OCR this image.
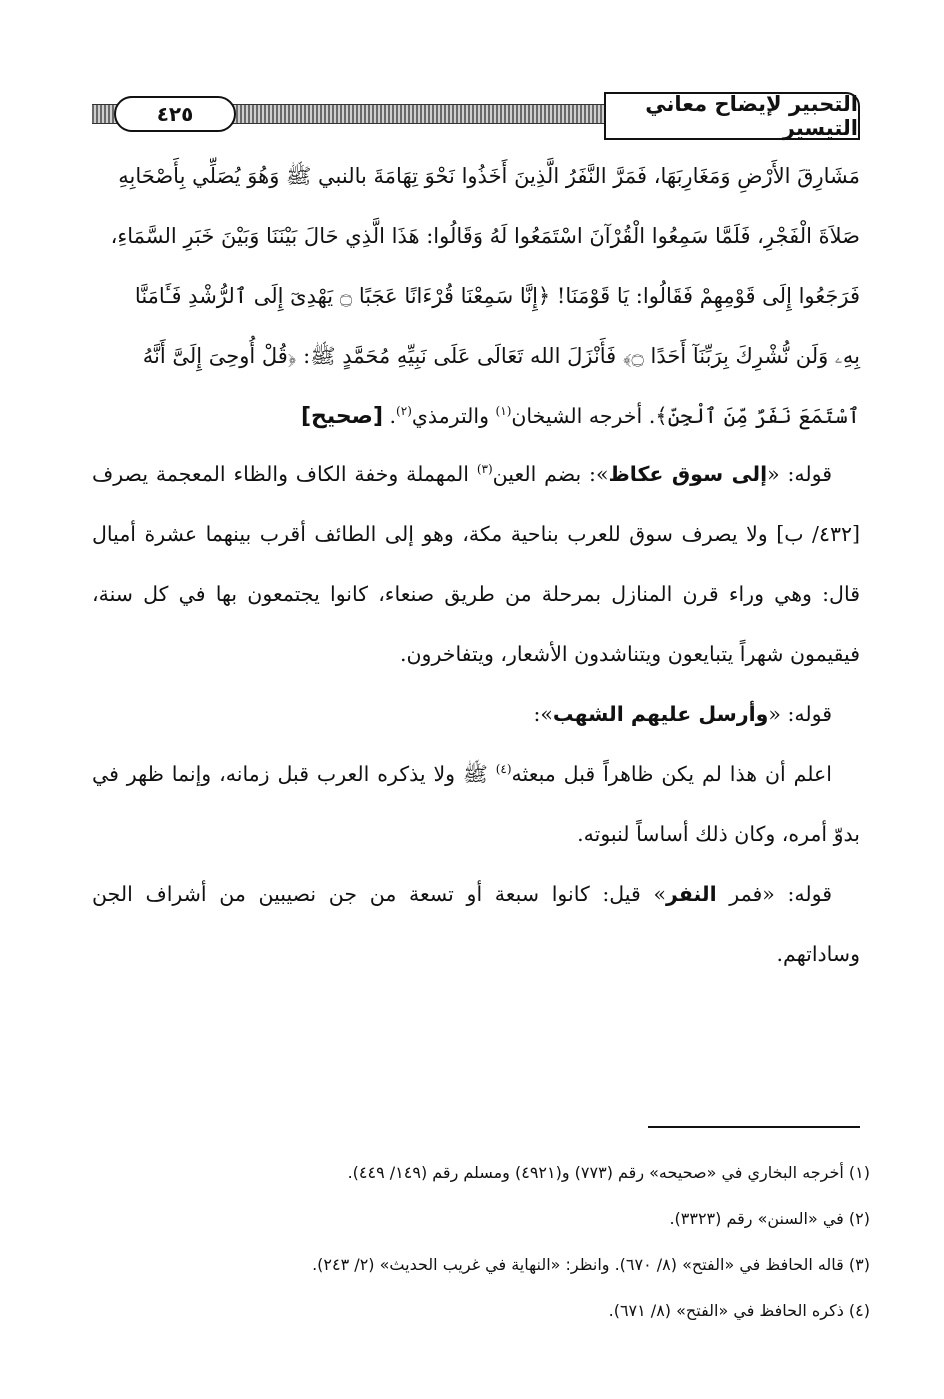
٤٢٥	التحبير لإيضاح معاني التيسير

مَشَارِقَ الأَرْضِ وَمَغَارِبَهَا، فَمَرَّ النَّفَرُ الَّذِينَ أَخَذُوا نَحْوَ تِهَامَةَ بالنبي ﷺ وَهُوَ يُصَلِّي بِأَصْحَابِهِ

صَلاَةَ الْفَجْرِ، فَلَمَّا سَمِعُوا الْقُرْآنَ اسْتَمَعُوا لَهُ وَقَالُوا: هَذَا الَّذِي حَالَ بَيْنَنَا وَبَيْنَ خَبَرِ السَّمَاءِ،

فَرَجَعُوا إِلَى قَوْمِهِمْ فَقَالُوا: يَا قَوْمَنَا! ﴿إِنَّا سَمِعْنَا قُرْءَانًا عَجَبًا ۝ يَهْدِىٓ إِلَى ٱلرُّشْدِ فَـَٔامَنَّا

بِهِۦ وَلَن نُّشْرِكَ بِرَبِّنَآ أَحَدًا ۝﴾ فَأَنْزَلَ الله تَعَالَى عَلَى نَبِيِّهِ مُحَمَّدٍ ﷺ: ﴿قُلْ أُوحِىَ إِلَىَّ أَنَّهُ

ٱسْتَمَعَ نَفَرٌ مِّنَ ٱلْجِنِّ﴾. أخرجه الشيخان$^{(١)}$ والترمذي$^{(٢)}$. [صحيح]

قوله: «إلى سوق عكاظ»: بضم العين$^{(٣)}$ المهملة وخفة الكاف والظاء المعجمة يصرف [٤٣٢/ ب] ولا يصرف سوق للعرب بناحية مكة، وهو إلى الطائف أقرب بينهما عشرة أميال قال: وهي وراء قرن المنازل بمرحلة من طريق صنعاء، كانوا يجتمعون بها في كل سنة، فيقيمون شهراً يتبايعون ويتناشدون الأشعار، ويتفاخرون.

قوله: «وأرسل عليهم الشهب»:

اعلم أن هذا لم يكن ظاهراً قبل مبعثه$^{(٤)}$ ﷺ ولا يذكره العرب قبل زمانه، وإنما ظهر في بدوّ أمره، وكان ذلك أساساً لنبوته.

قوله: «فمر النفر» قيل: كانوا سبعة أو تسعة من جن نصيبين من أشراف الجن وساداتهم.

(١) أخرجه البخاري في «صحيحه» رقم (٧٧٣) و(٤٩٢١) ومسلم رقم (١٤٩/ ٤٤٩).

(٢) في «السنن» رقم (٣٣٢٣).

(٣) قاله الحافظ في «الفتح» (٨/ ٦٧٠). وانظر: «النهاية في غريب الحديث» (٢/ ٢٤٣).

(٤) ذكره الحافظ في «الفتح» (٨/ ٦٧١).
